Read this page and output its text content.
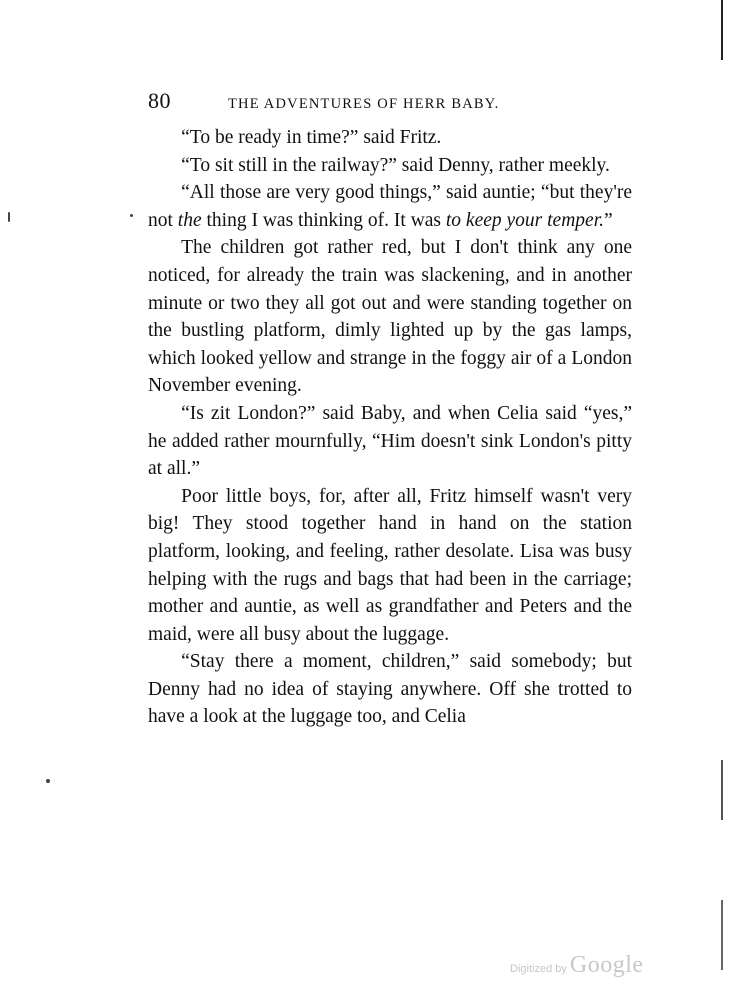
80	THE ADVENTURES OF HERR BABY.

“To be ready in time?” said Fritz.

“To sit still in the railway?” said Denny, rather meekly.

“All those are very good things,” said auntie; “but they're not the thing I was thinking of. It was to keep your temper.”

The children got rather red, but I don't think any one noticed, for already the train was slackening, and in another minute or two they all got out and were standing together on the bustling platform, dimly lighted up by the gas lamps, which looked yellow and strange in the foggy air of a London November evening.

“Is zit London?” said Baby, and when Celia said “yes,” he added rather mournfully, “Him doesn't sink London's pitty at all.”

Poor little boys, for, after all, Fritz himself wasn't very big! They stood together hand in hand on the station platform, looking, and feeling, rather desolate. Lisa was busy helping with the rugs and bags that had been in the carriage; mother and auntie, as well as grandfather and Peters and the maid, were all busy about the luggage.

“Stay there a moment, children,” said somebody; but Denny had no idea of staying anywhere. Off she trotted to have a look at the luggage too, and Celia

Digitized by Google
